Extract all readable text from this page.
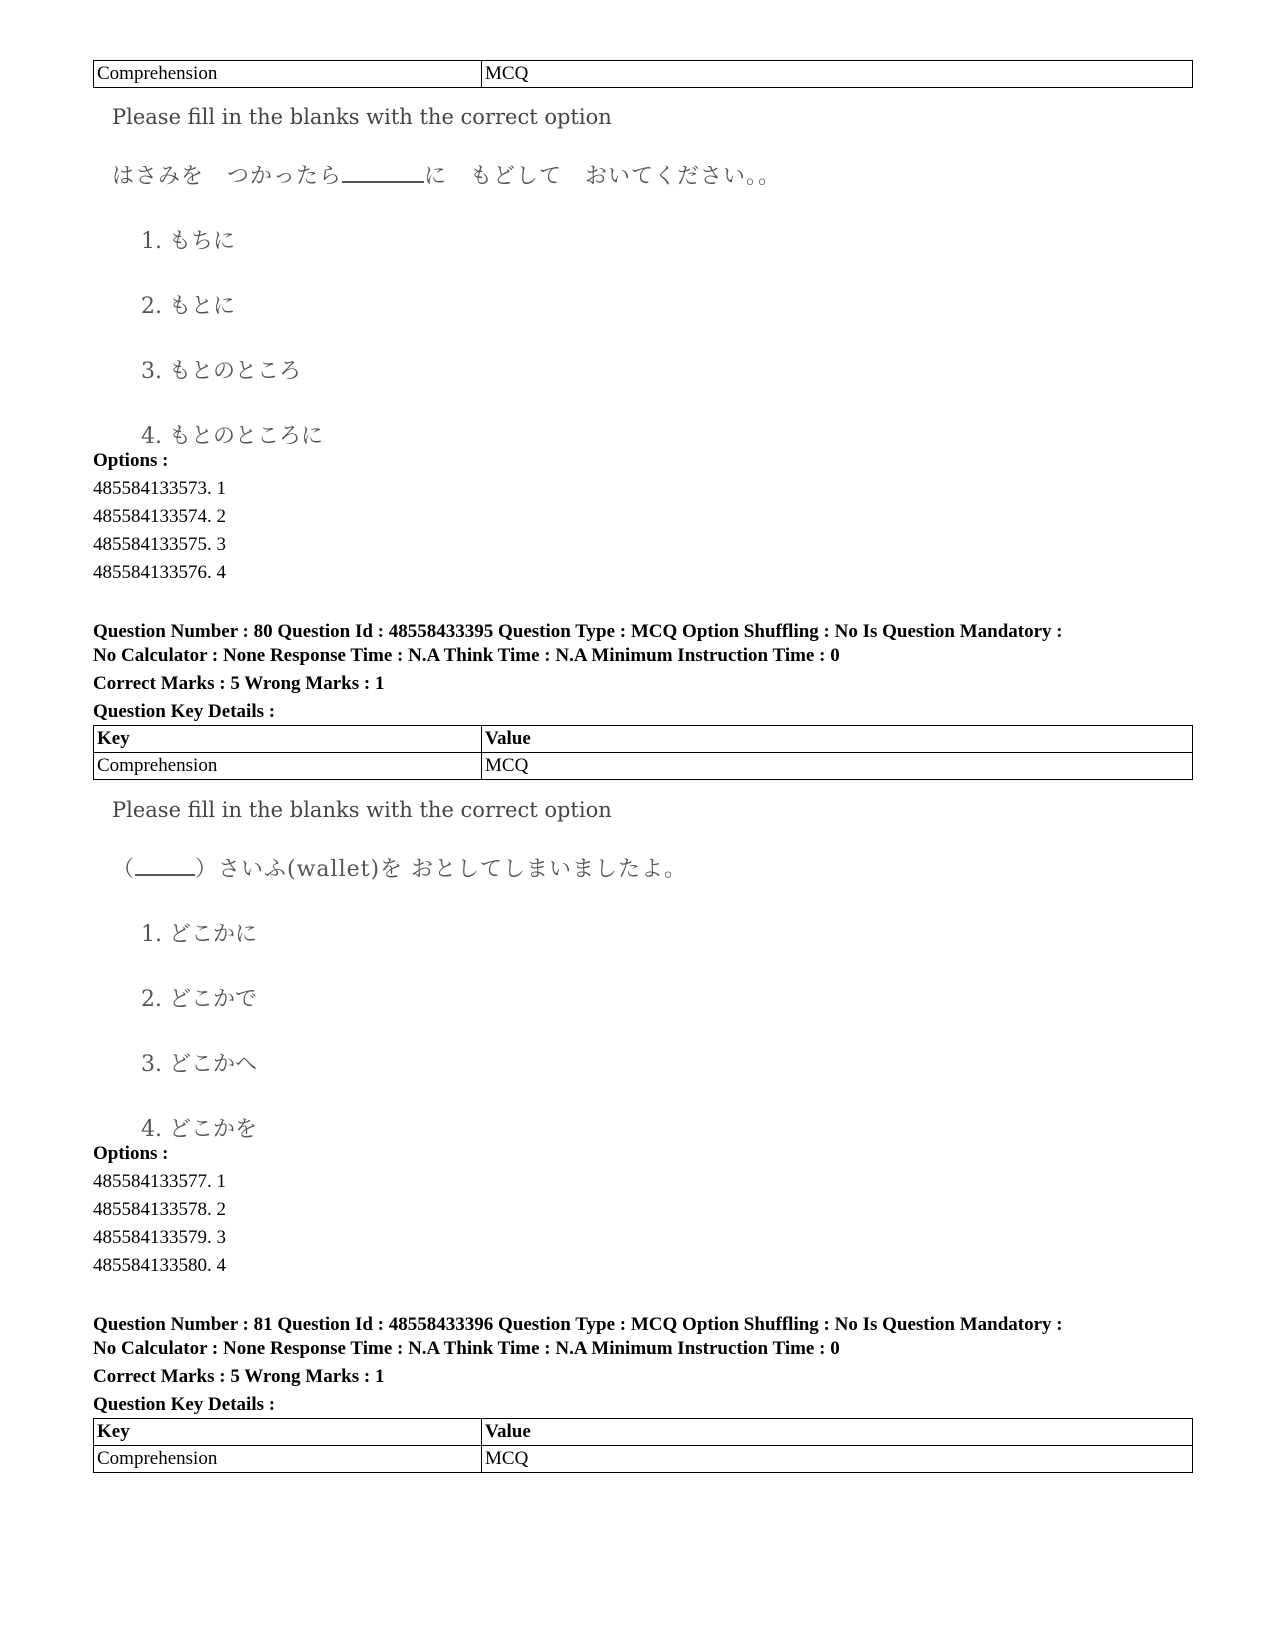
Comprehension	MCQ
Please fill in the blanks with the correct option
はさみを　つかったら	に　もどして　おいてください。。
1. もちに
2. もとに
3. もとのところ
4. もとのところに
Options :
485584133573. 1
485584133574. 2
485584133575. 3
485584133576. 4
Question Number : 80 Question Id : 48558433395 Question Type : MCQ Option Shuffling : No Is Question Mandatory :
No Calculator : None Response Time : N.A Think Time : N.A Minimum Instruction Time : 0
Correct Marks : 5 Wrong Marks : 1
Question Key Details :
Key	Value
Comprehension	MCQ
Please fill in the blanks with the correct option
（	）さいふ(wallet)を おとしてしまいましたよ。
1. どこかに
2. どこかで
3. どこかへ
4. どこかを
Options :
485584133577. 1
485584133578. 2
485584133579. 3
485584133580. 4
Question Number : 81 Question Id : 48558433396 Question Type : MCQ Option Shuffling : No Is Question Mandatory :
No Calculator : None Response Time : N.A Think Time : N.A Minimum Instruction Time : 0
Correct Marks : 5 Wrong Marks : 1
Question Key Details :
Key	Value
Comprehension	MCQ
